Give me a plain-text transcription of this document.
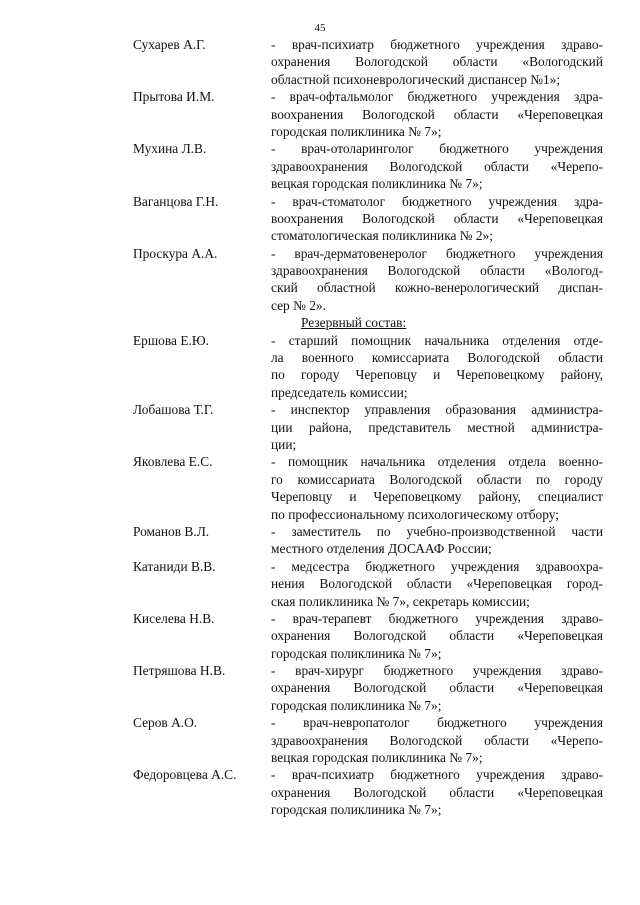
45
Сухарев А.Г.	- врач-психиатр бюджетного учреждения здраво-
охранения Вологодской области «Вологодский
областной психоневрологический диспансер №1»;
Прытова И.М.	- врач-офтальмолог бюджетного учреждения здра-
воохранения Вологодской области «Череповецкая
городская поликлиника № 7»;
Мухина Л.В.	- врач-отоларинголог бюджетного учреждения
здравоохранения Вологодской области «Черепо-
вецкая городская поликлиника № 7»;
Ваганцова Г.Н.	- врач-стоматолог бюджетного учреждения здра-
воохранения Вологодской области «Череповецкая
стоматологическая поликлиника № 2»;
Проскура А.А.	- врач-дерматовенеролог бюджетного учреждения
здравоохранения Вологодской области «Вологод-
ский областной кожно-венерологический диспан-
сер № 2».
Резервный состав:
Ершова Е.Ю.	- старший помощник начальника отделения отде-
ла военного комиссариата Вологодской области
по городу Череповцу и Череповецкому району,
председатель комиссии;
Лобашова Т.Г.	- инспектор управления образования администра-
ции района, представитель местной администра-
ции;
Яковлева Е.С.	- помощник начальника отделения отдела военно-
го комиссариата Вологодской области по городу
Череповцу и Череповецкому району, специалист
по профессиональному психологическому отбору;
Романов В.Л.	- заместитель по учебно-производственной части
местного отделения ДОСААФ России;
Катаниди В.В.	- медсестра бюджетного учреждения здравоохра-
нения Вологодской области «Череповецкая город-
ская поликлиника № 7», секретарь комиссии;
Киселева Н.В.	- врач-терапевт бюджетного учреждения здраво-
охранения Вологодской области «Череповецкая
городская поликлиника № 7»;
Петряшова Н.В.	- врач-хирург бюджетного учреждения здраво-
охранения Вологодской области «Череповецкая
городская поликлиника № 7»;
Серов А.О.	- врач-невропатолог бюджетного учреждения
здравоохранения Вологодской области «Черепо-
вецкая городская поликлиника № 7»;
Федоровцева А.С.	- врач-психиатр бюджетного учреждения здраво-
охранения Вологодской области «Череповецкая
городская поликлиника № 7»;
